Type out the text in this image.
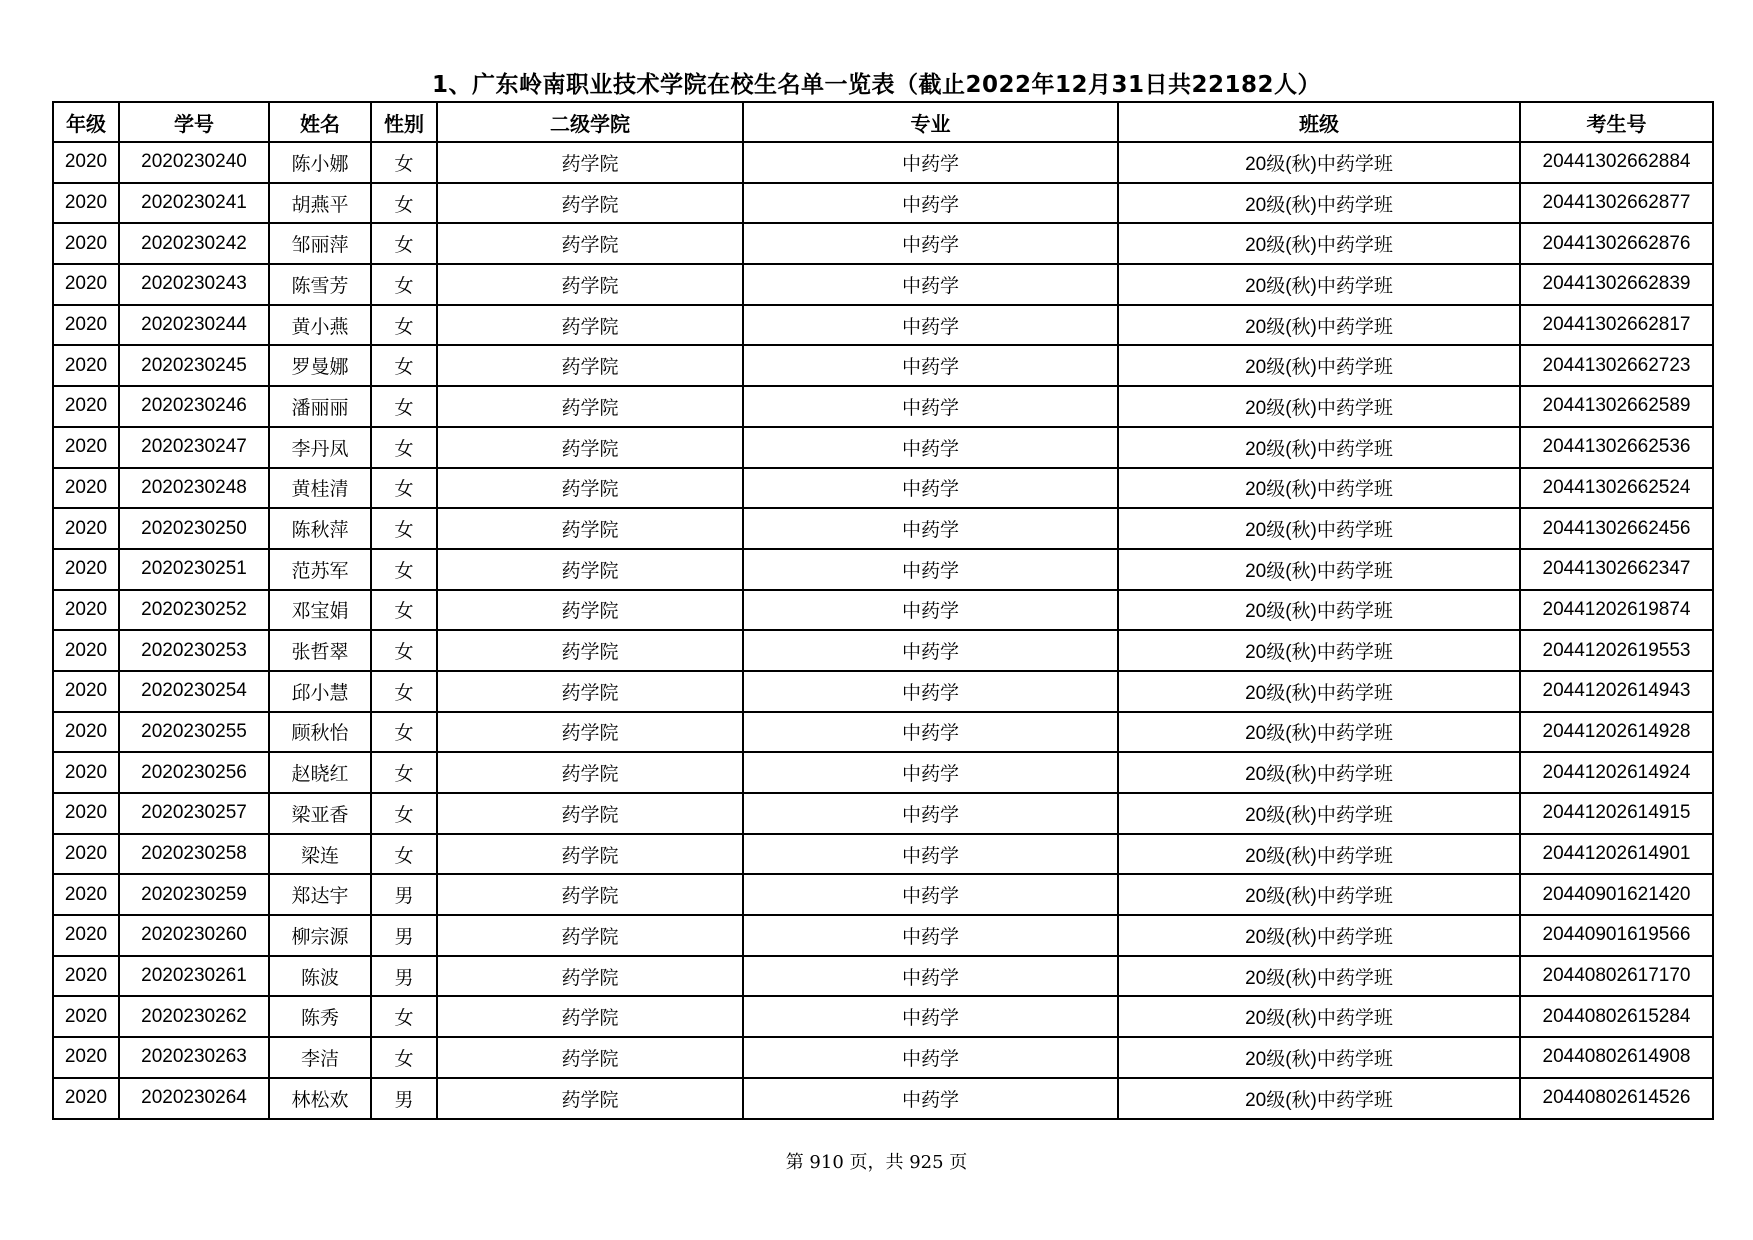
1、广东岭南职业技术学院在校生名单一览表（截止2022年12月31日共22182人）
年级	学号	姓名	性别	二级学院	专业	班级	考生号
2020	2020230240	陈小娜	女	药学院	中药学	20级(秋)中药学班	20441302662884
2020	2020230241	胡燕平	女	药学院	中药学	20级(秋)中药学班	20441302662877
2020	2020230242	邹丽萍	女	药学院	中药学	20级(秋)中药学班	20441302662876
2020	2020230243	陈雪芳	女	药学院	中药学	20级(秋)中药学班	20441302662839
2020	2020230244	黄小燕	女	药学院	中药学	20级(秋)中药学班	20441302662817
2020	2020230245	罗曼娜	女	药学院	中药学	20级(秋)中药学班	20441302662723
2020	2020230246	潘丽丽	女	药学院	中药学	20级(秋)中药学班	20441302662589
2020	2020230247	李丹凤	女	药学院	中药学	20级(秋)中药学班	20441302662536
2020	2020230248	黄桂清	女	药学院	中药学	20级(秋)中药学班	20441302662524
2020	2020230250	陈秋萍	女	药学院	中药学	20级(秋)中药学班	20441302662456
2020	2020230251	范苏军	女	药学院	中药学	20级(秋)中药学班	20441302662347
2020	2020230252	邓宝娟	女	药学院	中药学	20级(秋)中药学班	20441202619874
2020	2020230253	张哲翠	女	药学院	中药学	20级(秋)中药学班	20441202619553
2020	2020230254	邱小慧	女	药学院	中药学	20级(秋)中药学班	20441202614943
2020	2020230255	顾秋怡	女	药学院	中药学	20级(秋)中药学班	20441202614928
2020	2020230256	赵晓红	女	药学院	中药学	20级(秋)中药学班	20441202614924
2020	2020230257	梁亚香	女	药学院	中药学	20级(秋)中药学班	20441202614915
2020	2020230258	梁连	女	药学院	中药学	20级(秋)中药学班	20441202614901
2020	2020230259	郑达宇	男	药学院	中药学	20级(秋)中药学班	20440901621420
2020	2020230260	柳宗源	男	药学院	中药学	20级(秋)中药学班	20440901619566
2020	2020230261	陈波	男	药学院	中药学	20级(秋)中药学班	20440802617170
2020	2020230262	陈秀	女	药学院	中药学	20级(秋)中药学班	20440802615284
2020	2020230263	李洁	女	药学院	中药学	20级(秋)中药学班	20440802614908
2020	2020230264	林松欢	男	药学院	中药学	20级(秋)中药学班	20440802614526
第 910 页，共 925 页
